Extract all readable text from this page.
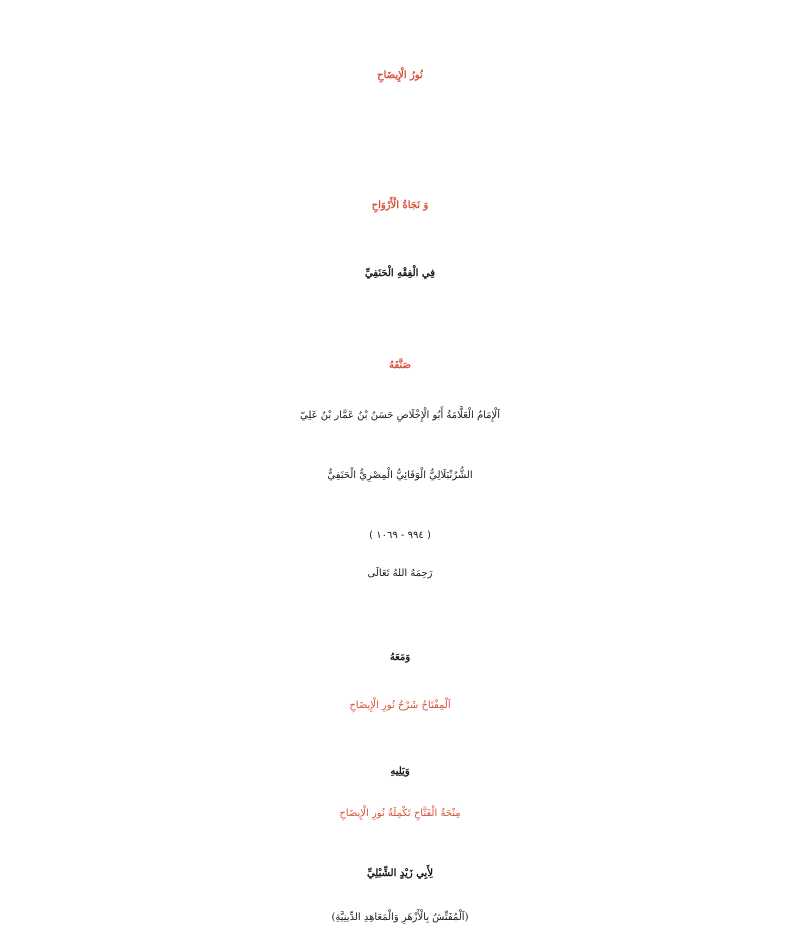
نُورُ الْإِيضَاحِ
وَ نَجَاةُ الْأَرْوَاحِ
فِي الْفِقْهِ الْحَنَفِيِّ
صَنَّفَهُ
اَلْإِمَامُ الْعَلَّامَةُ أَبُو الْإِخْلَاصِ حَسَنُ بْنُ عَمَّار بْنُ عَلِيّ
الشُّرُنْبَلَالِيُّ الْوَفَائِيُّ الْمِصْرِيُّ الْحَنَفِيُّ
( ٩٩٤ - ١٠٦٩ )
رَحِمَهُ اللهُ تَعَالَى
وَمَعَهُ
اَلْمِفْتَاحُ شَرْحُ نُورِ الْإِيضَاحِ
وَيَلِيهِ
مِنْحَةُ الْفَتَّاحِ تَكْمِلَةُ نُورِ الْإِيضَاحِ
لِأَبِي زَيْدٍ الشِّبْلِيِّ
(اَلْمُفَتِّشُ بِالْأَزْهَرِ وَالْمَعَاهِدِ الدِّينِيَّةِ)
